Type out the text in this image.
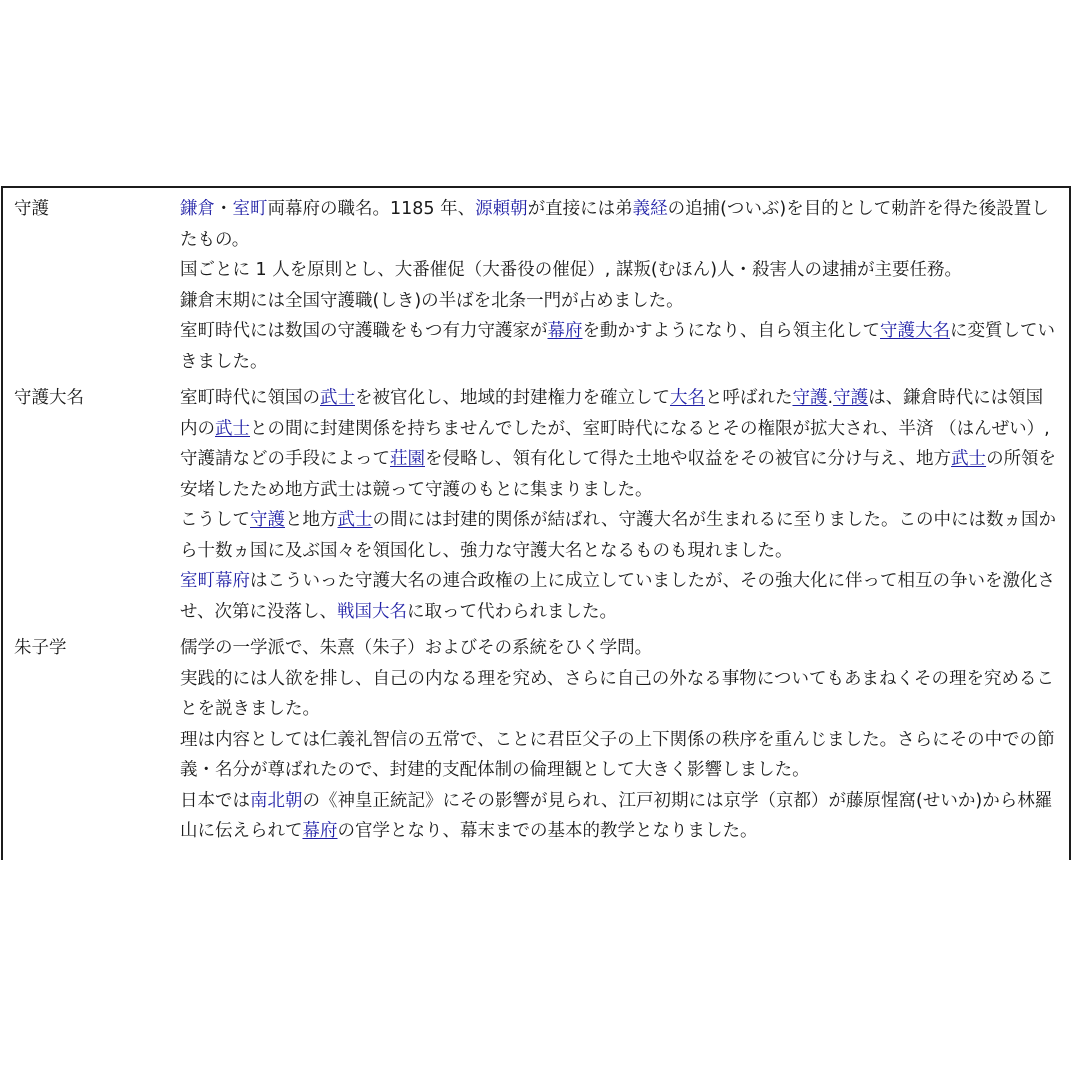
守護	鎌倉・室町両幕府の職名。1185 年、源頼朝が直接には弟義経の追捕(ついぶ)を目的として勅許を得た後設置したもの。

国ごとに 1 人を原則とし、大番催促（大番役の催促）, 謀叛(むほん)人・殺害人の逮捕が主要任務。

鎌倉末期には全国守護職(しき)の半ばを北条一門が占めました。

室町時代には数国の守護職をもつ有力守護家が幕府を動かすようになり、自ら領主化して守護大名に変質していきました。

守護大名	室町時代に領国の武士を被官化し、地域的封建権力を確立して大名と呼ばれた守護.守護は、鎌倉時代には領国内の武士との間に封建関係を持ちませんでしたが、室町時代になるとその権限が拡大され、半済 （はんぜい）, 守護請などの手段によって荘園を侵略し、領有化して得た土地や収益をその被官に分け与え、地方武士の所領を安堵したため地方武士は競って守護のもとに集まりました。

こうして守護と地方武士の間には封建的関係が結ばれ、守護大名が生まれるに至りました。この中には数ヵ国から十数ヵ国に及ぶ国々を領国化し、強力な守護大名となるものも現れました。

室町幕府はこういった守護大名の連合政権の上に成立していましたが、その強大化に伴って相互の争いを激化させ、次第に没落し、戦国大名に取って代わられました。

朱子学	儒学の一学派で、朱熹（朱子）およびその系統をひく学問。

実践的には人欲を排し、自己の内なる理を究め、さらに自己の外なる事物についてもあまねくその理を究めることを説きました。

理は内容としては仁義礼智信の五常で、ことに君臣父子の上下関係の秩序を重んじました。さらにその中での節義・名分が尊ばれたので、封建的支配体制の倫理観として大きく影響しました。

日本では南北朝の《神皇正統記》にその影響が見られ、江戸初期には京学（京都）が藤原惺窩(せいか)から林羅山に伝えられて幕府の官学となり、幕末までの基本的教学となりました。
